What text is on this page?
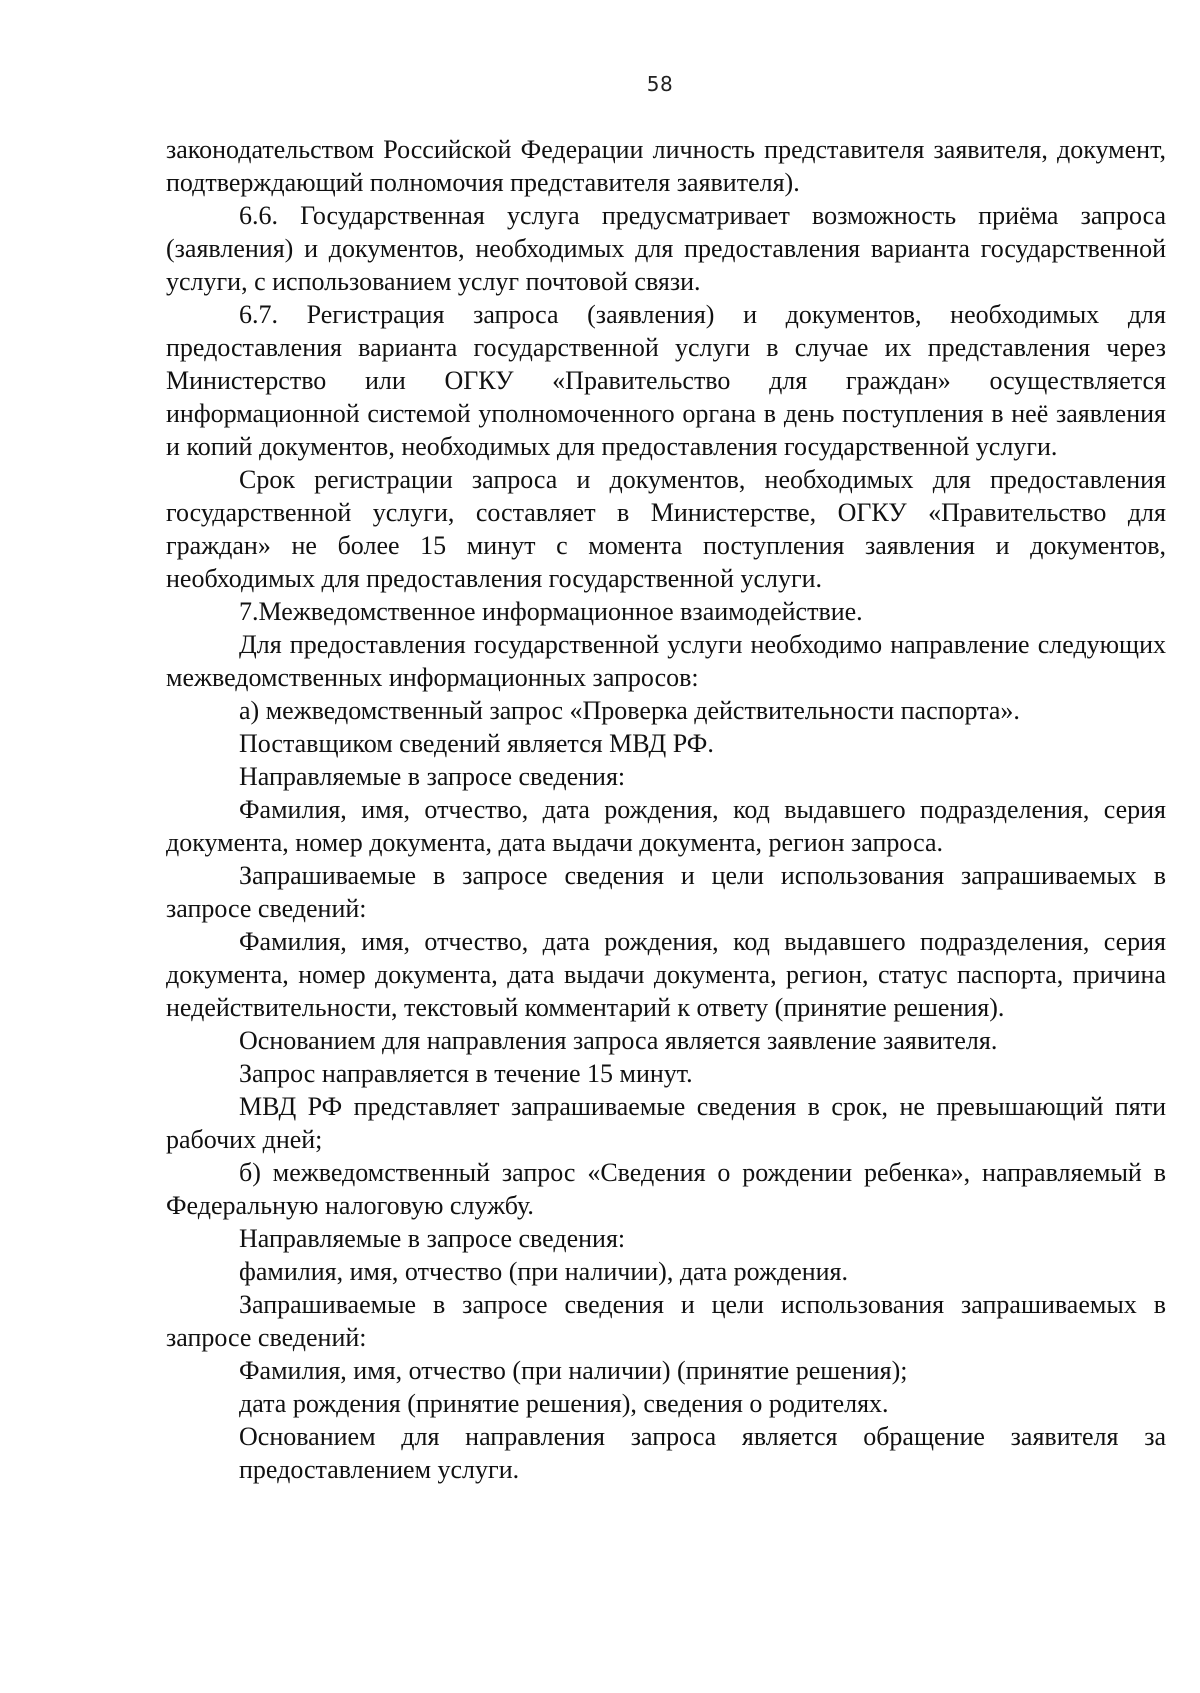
58

законодательством Российской Федерации личность представителя заявителя, документ, подтверждающий полномочия представителя заявителя).

6.6. Государственная услуга предусматривает возможность приёма запроса (заявления) и документов, необходимых для предоставления варианта государственной услуги, с использованием услуг почтовой связи.

6.7. Регистрация запроса (заявления) и документов, необходимых для предоставления варианта государственной услуги в случае их представления через Министерство или ОГКУ «Правительство для граждан» осуществляется информационной системой уполномоченного органа в день поступления в неё заявления и копий документов, необходимых для предоставления государственной услуги.

Срок регистрации запроса и документов, необходимых для предоставления государственной услуги, составляет в Министерстве, ОГКУ «Правительство для граждан» не более 15 минут с момента поступления заявления и документов, необходимых для предоставления государственной услуги.

7.Межведомственное информационное взаимодействие.

Для предоставления государственной услуги необходимо направление следующих межведомственных информационных запросов:

а) межведомственный запрос «Проверка действительности паспорта».

Поставщиком сведений является МВД РФ.

Направляемые в запросе сведения:

Фамилия, имя, отчество, дата рождения, код выдавшего подразделения, серия документа, номер документа, дата выдачи документа, регион запроса.

Запрашиваемые в запросе сведения и цели использования запрашиваемых в запросе сведений:

Фамилия, имя, отчество, дата рождения, код выдавшего подразделения, серия документа, номер документа, дата выдачи документа, регион, статус паспорта, причина недействительности, текстовый комментарий к ответу (принятие решения).

Основанием для направления запроса является заявление заявителя.

Запрос направляется в течение 15 минут.

МВД РФ представляет запрашиваемые сведения в срок, не превышающий пяти рабочих дней;

б) межведомственный запрос «Сведения о рождении ребенка», направляемый в Федеральную налоговую службу.

Направляемые в запросе сведения:

фамилия, имя, отчество (при наличии), дата рождения.

Запрашиваемые в запросе сведения и цели использования запрашиваемых в запросе сведений:

Фамилия, имя, отчество (при наличии) (принятие решения);

дата рождения (принятие решения), сведения о родителях.

Основанием для направления запроса является обращение заявителя за предоставлением услуги.
